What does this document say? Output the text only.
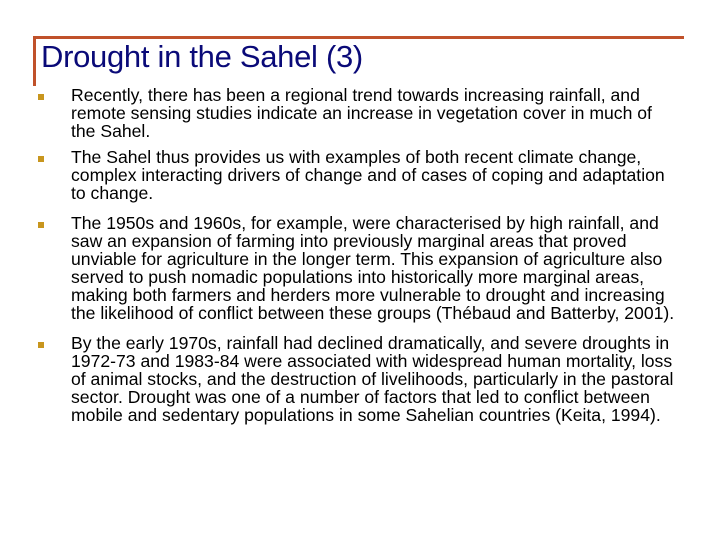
Drought in the Sahel (3)
Recently, there has been a regional trend towards increasing rainfall, and remote sensing studies indicate an increase in vegetation cover in much of the Sahel.
The Sahel thus provides us with examples of both recent climate change, complex interacting drivers of change and of cases of coping and adaptation to change.
The 1950s and 1960s, for example, were characterised by high rainfall, and saw an expansion of farming into previously marginal areas that proved unviable for agriculture in the longer term. This expansion of agriculture also served to push nomadic populations into historically more marginal areas, making both farmers and herders more vulnerable to drought and increasing the likelihood of conflict between these groups (Thébaud and Batterby, 2001).
By the early 1970s, rainfall had declined dramatically, and severe droughts in 1972-73 and 1983-84 were associated with widespread human mortality, loss of animal stocks, and the destruction of livelihoods, particularly in the pastoral sector. Drought was one of a number of factors that led to conflict between mobile and sedentary populations in some Sahelian countries (Keita, 1994).
